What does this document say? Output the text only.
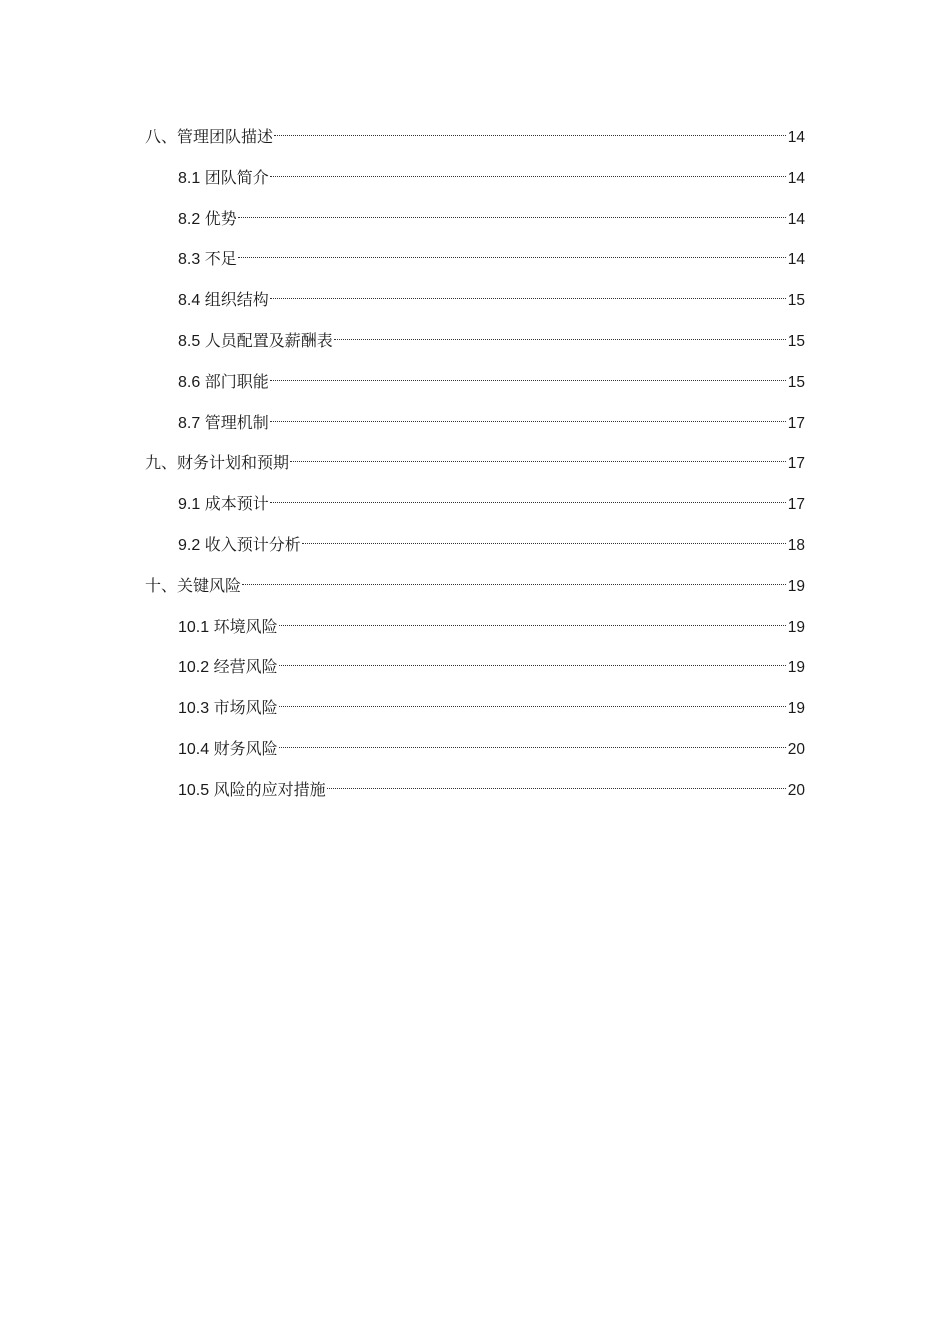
八、管理团队描述	14
8.1 团队简介	14
8.2 优势	14
8.3 不足	14
8.4 组织结构	15
8.5 人员配置及薪酬表	15
8.6 部门职能	15
8.7 管理机制	17
九、财务计划和预期	17
9.1 成本预计	17
9.2 收入预计分析	18
十、关键风险	19
10.1 环境风险	19
10.2 经营风险	19
10.3 市场风险	19
10.4 财务风险	20
10.5 风险的应对措施	20
